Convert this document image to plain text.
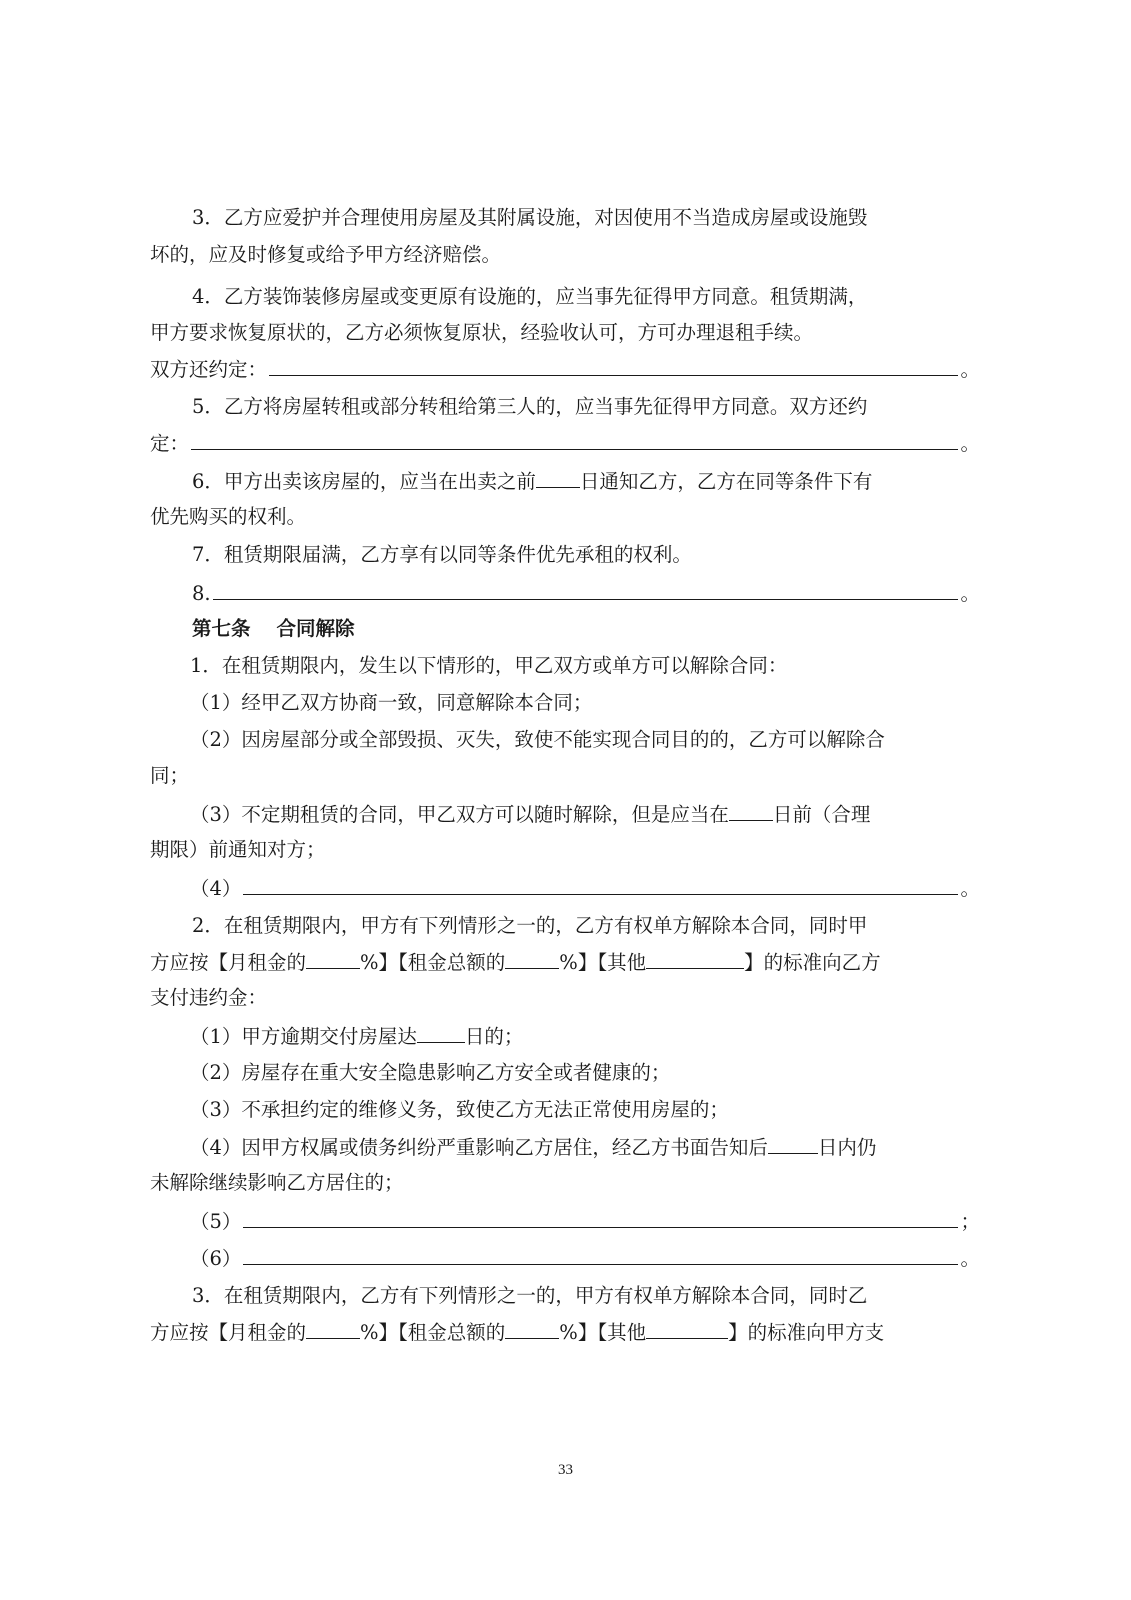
3．乙方应爱护并合理使用房屋及其附属设施，对因使用不当造成房屋或设施毁
坏的，应及时修复或给予甲方经济赔偿。
4．乙方装饰装修房屋或变更原有设施的，应当事先征得甲方同意。租赁期满，
甲方要求恢复原状的，乙方必须恢复原状，经验收认可，方可办理退租手续。
双方还约定：	。
5．乙方将房屋转租或部分转租给第三人的，应当事先征得甲方同意。双方还约
定：	。
6．甲方出卖该房屋的，应当在出卖之前 日通知乙方，乙方在同等条件下有
优先购买的权利。
7．租赁期限届满，乙方享有以同等条件优先承租的权利。
8.	。
第七条 合同解除
1．在租赁期限内，发生以下情形的，甲乙双方或单方可以解除合同：
（1）经甲乙双方协商一致，同意解除本合同；
（2）因房屋部分或全部毁损、灭失，致使不能实现合同目的的，乙方可以解除合
同；
（3）不定期租赁的合同，甲乙双方可以随时解除，但是应当在 日前（合理
期限）前通知对方；
（4）	。
2．在租赁期限内，甲方有下列情形之一的，乙方有权单方解除本合同，同时甲
方应按【月租金的	%】【租金总额的	%】【其他	】的标准向乙方
支付违约金：
（1）甲方逾期交付房屋达 日的；
（2）房屋存在重大安全隐患影响乙方安全或者健康的；
（3）不承担约定的维修义务，致使乙方无法正常使用房屋的；
（4）因甲方权属或债务纠纷严重影响乙方居住，经乙方书面告知后	日内仍
未解除继续影响乙方居住的；
（5）	；
（6）	。
3．在租赁期限内，乙方有下列情形之一的，甲方有权单方解除本合同，同时乙
方应按【月租金的	%】【租金总额的	%】【其他	】的标准向甲方支
33
